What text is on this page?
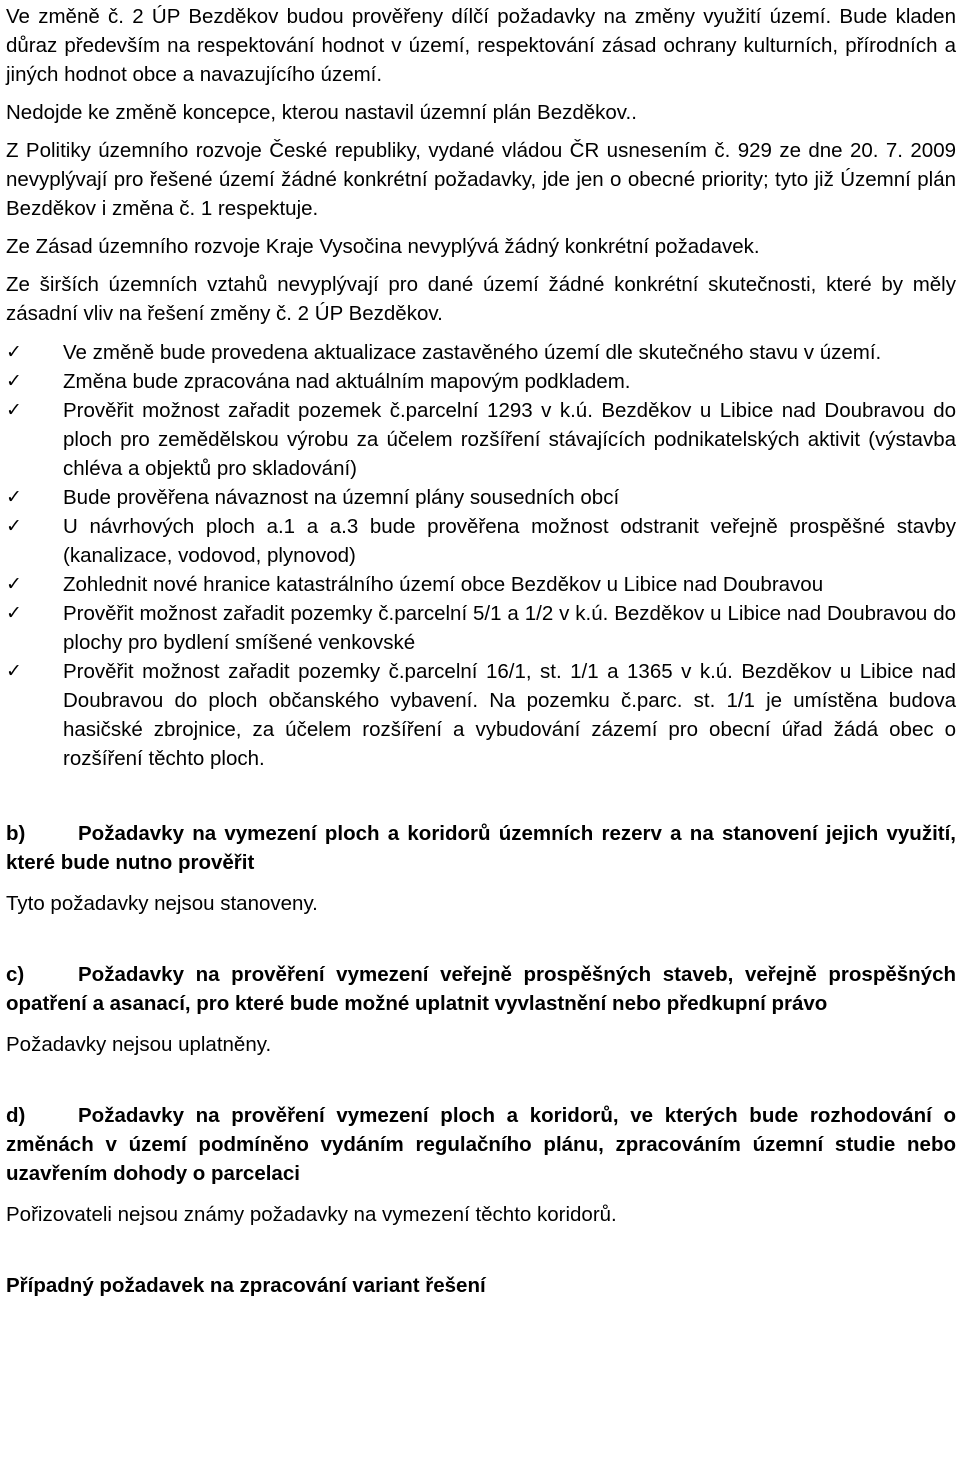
Ve změně č. 2 ÚP Bezděkov budou prověřeny dílčí požadavky na změny využití území. Bude kladen důraz především na respektování hodnot v území, respektování zásad ochrany kulturních, přírodních a jiných hodnot obce a navazujícího území.

Nedojde ke změně koncepce, kterou nastavil územní plán Bezděkov..

Z Politiky územního rozvoje České republiky, vydané vládou ČR usnesením č. 929 ze dne 20. 7. 2009 nevyplývají pro řešené území žádné konkrétní požadavky, jde jen o obecné priority; tyto již Územní plán Bezděkov i změna č. 1 respektuje.

Ze Zásad územního rozvoje Kraje Vysočina nevyplývá žádný konkrétní požadavek.

Ze širších územních vztahů nevyplývají pro dané území žádné konkrétní skutečnosti, které by měly zásadní vliv na řešení změny č. 2 ÚP Bezděkov.

✓ Ve změně bude provedena aktualizace zastavěného území dle skutečného stavu v území.
✓ Změna bude zpracována nad aktuálním mapovým podkladem.
✓ Prověřit možnost zařadit pozemek č.parcelní 1293 v k.ú. Bezděkov u Libice nad Doubravou do ploch pro zemědělskou výrobu za účelem rozšíření stávajících podnikatelských aktivit (výstavba chléva a objektů pro skladování)
✓ Bude prověřena návaznost na územní plány sousedních obcí
✓ U návrhových ploch a.1 a a.3 bude prověřena možnost odstranit veřejně prospěšné stavby (kanalizace, vodovod, plynovod)
✓ Zohlednit nové hranice katastrálního území obce Bezděkov u Libice nad Doubravou
✓ Prověřit možnost zařadit pozemky č.parcelní 5/1 a 1/2 v k.ú. Bezděkov u Libice nad Doubravou do plochy pro bydlení smíšené venkovské
✓ Prověřit možnost zařadit pozemky č.parcelní 16/1, st. 1/1 a 1365 v k.ú. Bezděkov u Libice nad Doubravou do ploch občanského vybavení. Na pozemku č.parc. st. 1/1 je umístěna budova hasičské zbrojnice, za účelem rozšíření a vybudování zázemí pro obecní úřad žádá obec o rozšíření těchto ploch.

b)	Požadavky na vymezení ploch a koridorů územních rezerv a na stanovení jejich využití, které bude nutno prověřit

Tyto požadavky nejsou stanoveny.

c)	Požadavky na prověření vymezení veřejně prospěšných staveb, veřejně prospěšných opatření a asanací, pro které bude možné uplatnit vyvlastnění nebo předkupní právo

Požadavky nejsou uplatněny.

d)	Požadavky na prověření vymezení ploch a koridorů, ve kterých bude rozhodování o změnách v území podmíněno vydáním regulačního plánu, zpracováním územní studie nebo uzavřením dohody o parcelaci

Pořizovateli nejsou známy požadavky na vymezení těchto koridorů.

Případný požadavek na zpracování variant řešení
